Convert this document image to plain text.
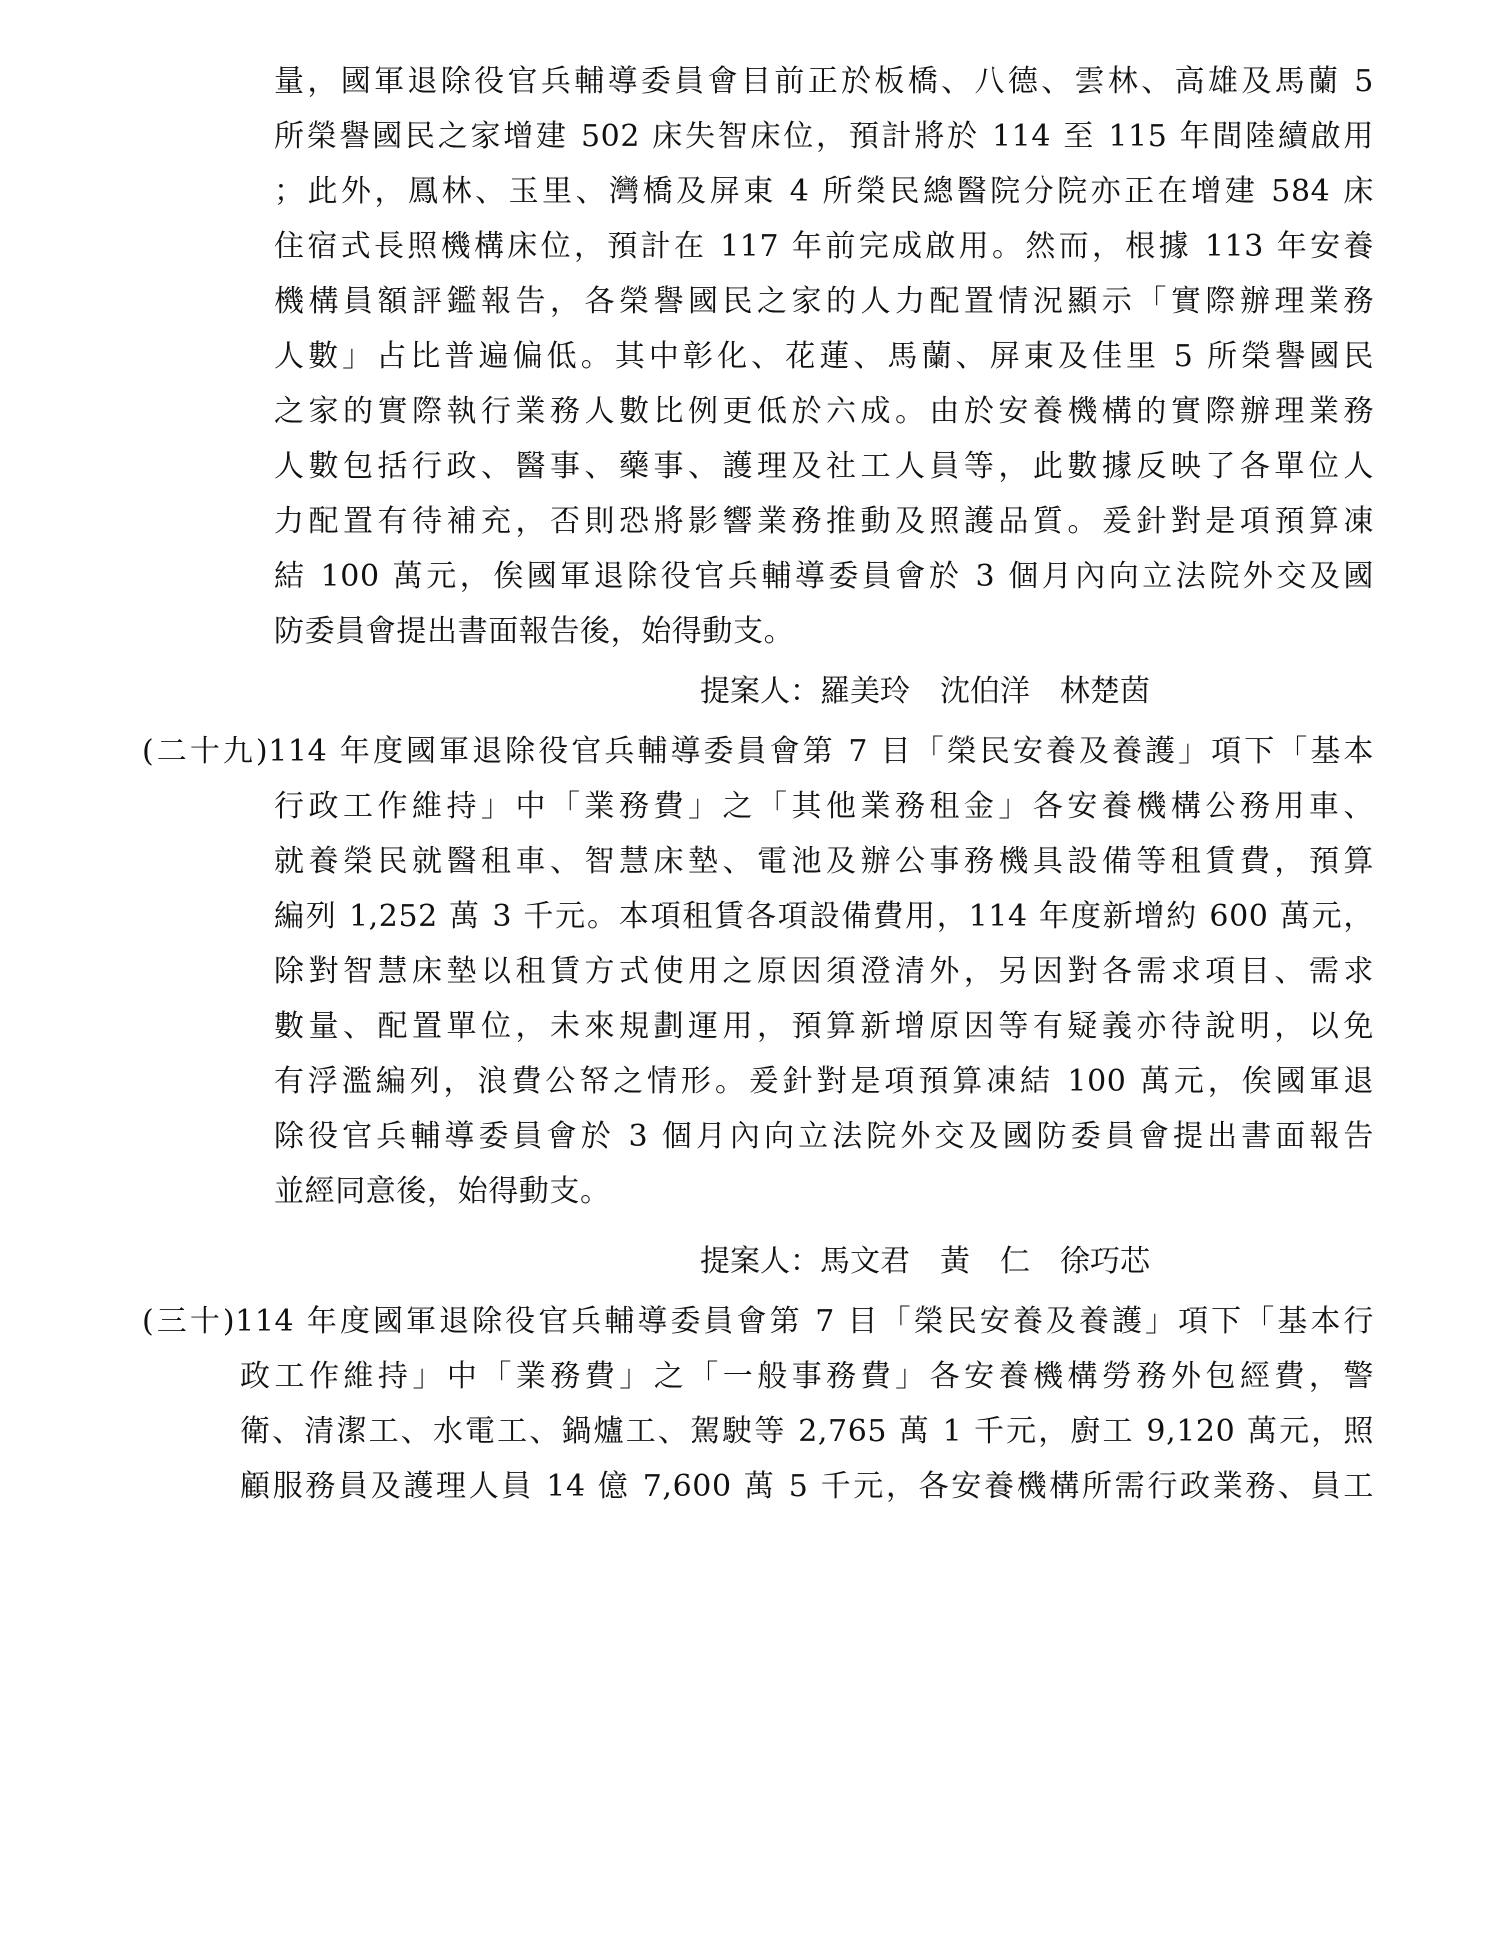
量，國軍退除役官兵輔導委員會目前正於板橋、八德、雲林、高雄及馬蘭 5
所榮譽國民之家增建 502 床失智床位，預計將於 114 至 115 年間陸續啟用
；此外，鳳林、玉里、灣橋及屏東 4 所榮民總醫院分院亦正在增建 584 床
住宿式長照機構床位，預計在 117 年前完成啟用。然而，根據 113 年安養
機構員額評鑑報告，各榮譽國民之家的人力配置情況顯示「實際辦理業務
人數」占比普遍偏低。其中彰化、花蓮、馬蘭、屏東及佳里 5 所榮譽國民
之家的實際執行業務人數比例更低於六成。由於安養機構的實際辦理業務
人數包括行政、醫事、藥事、護理及社工人員等，此數據反映了各單位人
力配置有待補充，否則恐將影響業務推動及照護品質。爰針對是項預算凍
結 100 萬元，俟國軍退除役官兵輔導委員會於 3 個月內向立法院外交及國
防委員會提出書面報告後，始得動支。
提案人：羅美玲　沈伯洋　林楚茵
(二十九)114 年度國軍退除役官兵輔導委員會第 7 目「榮民安養及養護」項下「基本
行政工作維持」中「業務費」之「其他業務租金」各安養機構公務用車、
就養榮民就醫租車、智慧床墊、電池及辦公事務機具設備等租賃費，預算
編列 1,252 萬 3 千元。本項租賃各項設備費用，114 年度新增約 600 萬元，
除對智慧床墊以租賃方式使用之原因須澄清外，另因對各需求項目、需求
數量、配置單位，未來規劃運用，預算新增原因等有疑義亦待說明，以免
有浮濫編列，浪費公帑之情形。爰針對是項預算凍結 100 萬元，俟國軍退
除役官兵輔導委員會於 3 個月內向立法院外交及國防委員會提出書面報告
並經同意後，始得動支。
提案人：馬文君　黃　仁　徐巧芯
(三十)114 年度國軍退除役官兵輔導委員會第 7 目「榮民安養及養護」項下「基本行
政工作維持」中「業務費」之「一般事務費」各安養機構勞務外包經費，警
衛、清潔工、水電工、鍋爐工、駕駛等 2,765 萬 1 千元，廚工 9,120 萬元，照
顧服務員及護理人員 14 億 7,600 萬 5 千元，各安養機構所需行政業務、員工
